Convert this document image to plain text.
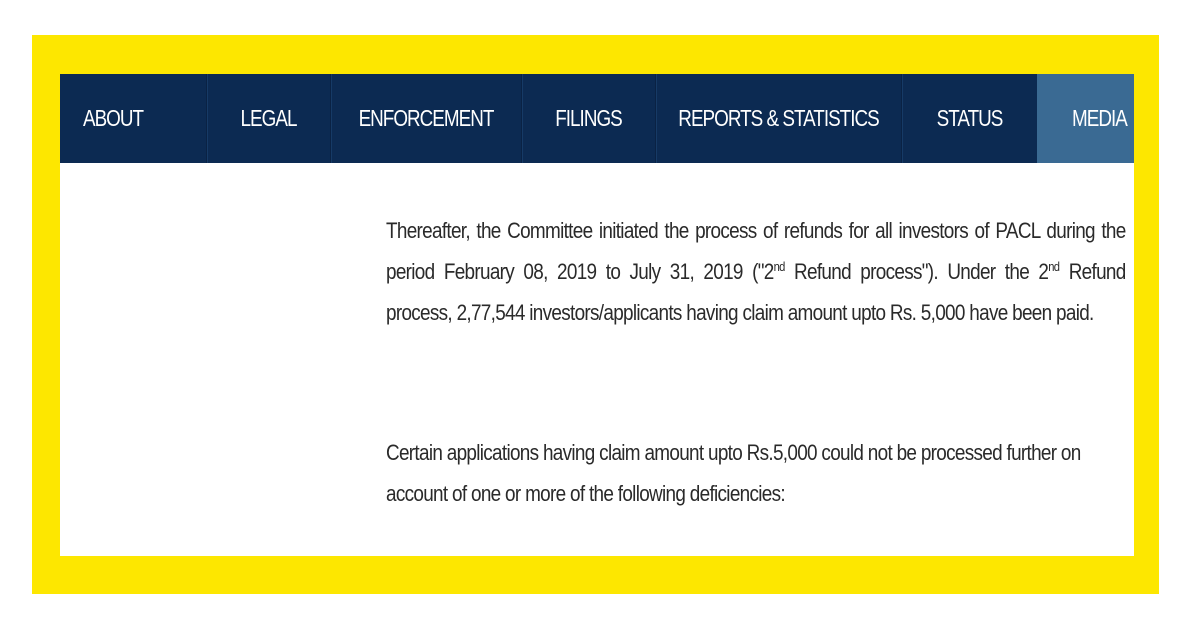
ABOUT	LEGAL	ENFORCEMENT	FILINGS	REPORTS & STATISTICS	STATUS	MEDIA

Thereafter, the Committee initiated the process of refunds for all investors of PACL during the period February 08, 2019 to July 31, 2019 ("2nd Refund process"). Under the 2nd Refund process, 2,77,544 investors/applicants having claim amount upto Rs. 5,000 have been paid.

Certain applications having claim amount upto Rs.5,000 could not be processed further on account of one or more of the following deficiencies:
